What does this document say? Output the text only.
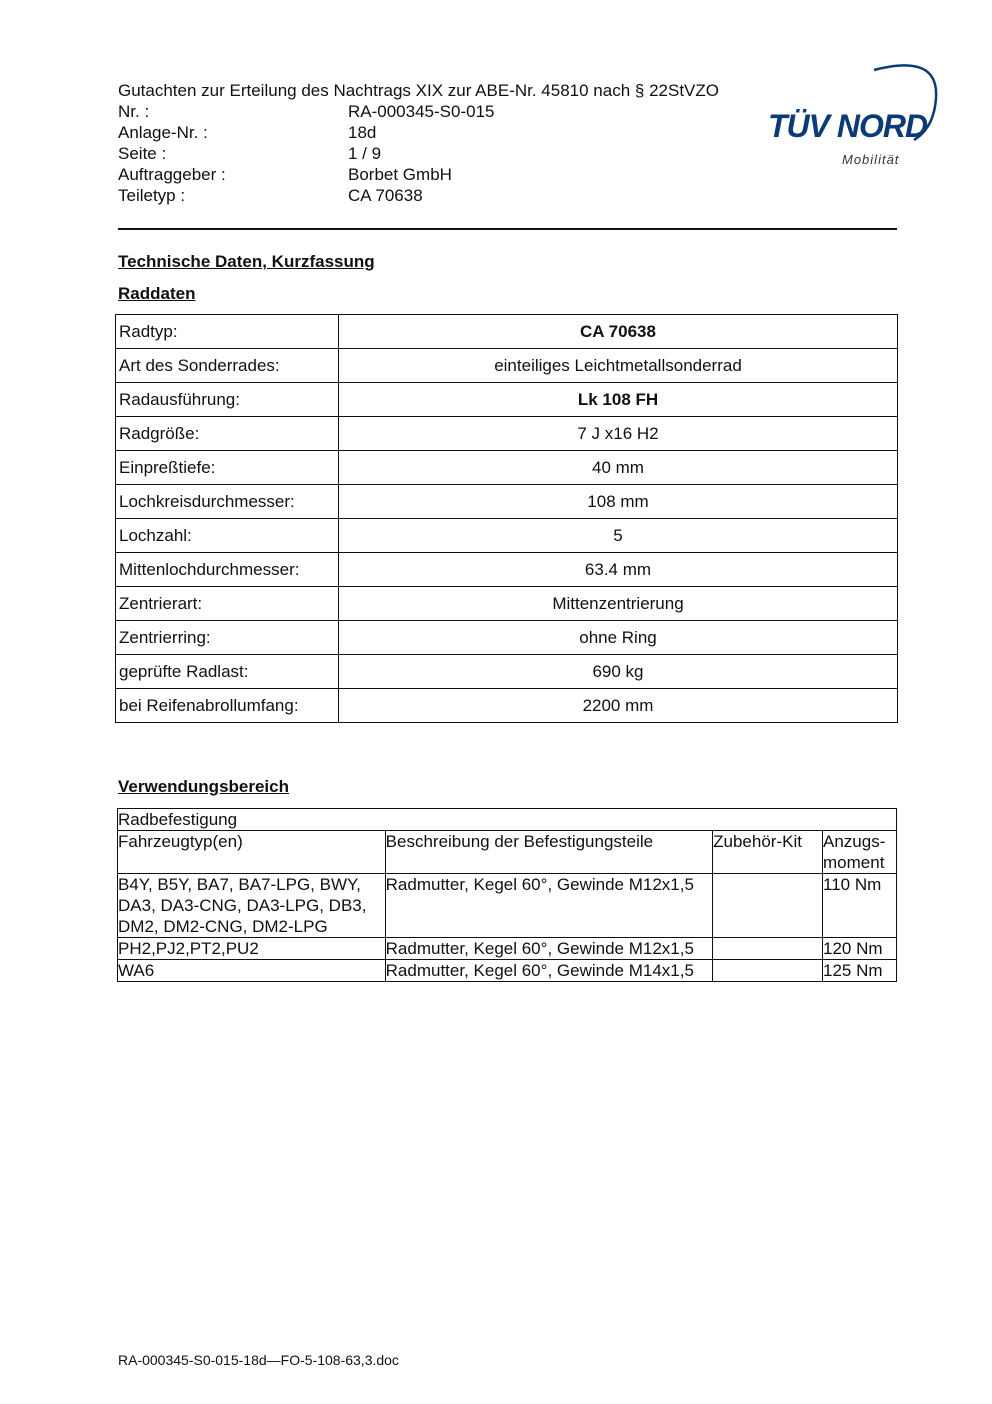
Gutachten zur Erteilung des Nachtrags XIX zur ABE-Nr. 45810 nach § 22StVZO
Nr. :	RA-000345-S0-015
Anlage-Nr. :	18d
Seite :	1 / 9
Auftraggeber :	Borbet GmbH
Teiletyp :	CA 70638
TÜV NORD
Mobilität
Technische Daten, Kurzfassung
Raddaten
Radtyp:	CA 70638
Art des Sonderrades:	einteiliges Leichtmetallsonderrad
Radausführung:	Lk 108 FH
Radgröße:	7 J x16 H2
Einpreßtiefe:	40 mm
Lochkreisdurchmesser:	108 mm
Lochzahl:	5
Mittenlochdurchmesser:	63.4 mm
Zentrierart:	Mittenzentrierung
Zentrierring:	ohne Ring
geprüfte Radlast:	690 kg
bei Reifenabrollumfang:	2200 mm
Verwendungsbereich
Radbefestigung			
Fahrzeugtyp(en)	Beschreibung der Befestigungsteile	Zubehör-Kit	Anzugs-moment
B4Y, B5Y, BA7, BA7-LPG, BWY, DA3, DA3-CNG, DA3-LPG, DB3, DM2, DM2-CNG, DM2-LPG	Radmutter, Kegel 60°, Gewinde M12x1,5		110 Nm
PH2,PJ2,PT2,PU2	Radmutter, Kegel 60°, Gewinde M12x1,5		120 Nm
WA6	Radmutter, Kegel 60°, Gewinde M14x1,5		125 Nm
RA-000345-S0-015-18d—FO-5-108-63,3.doc
